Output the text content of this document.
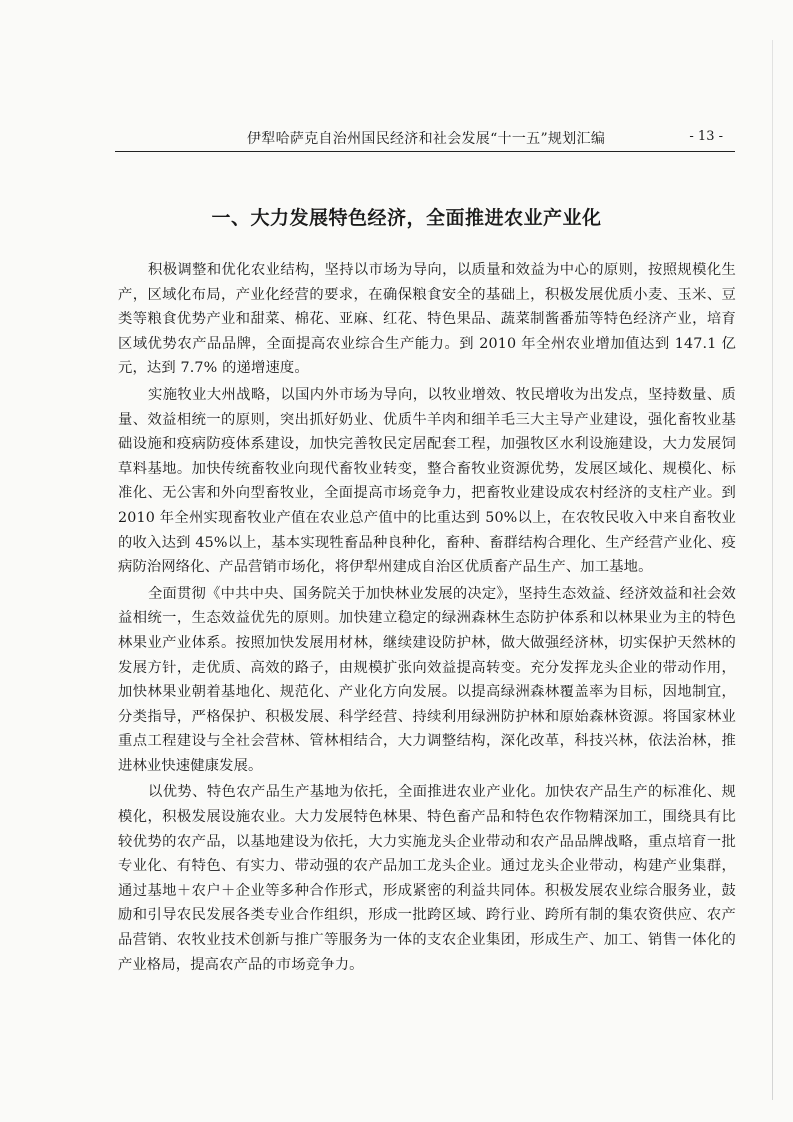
伊犁哈萨克自治州国民经济和社会发展“十一五”规划汇编	- 13 -
一、大力发展特色经济，全面推进农业产业化

积极调整和优化农业结构，坚持以市场为导向，以质量和效益为中心的原则，按照规模化生产，区域化布局，产业化经营的要求，在确保粮食安全的基础上，积极发展优质小麦、玉米、豆类等粮食优势产业和甜菜、棉花、亚麻、红花、特色果品、蔬菜制酱番茄等特色经济产业，培育区域优势农产品品牌，全面提高农业综合生产能力。到 2010 年全州农业增加值达到 147.1 亿元，达到 7.7% 的递增速度。

实施牧业大州战略，以国内外市场为导向，以牧业增效、牧民增收为出发点，坚持数量、质量、效益相统一的原则，突出抓好奶业、优质牛羊肉和细羊毛三大主导产业建设，强化畜牧业基础设施和疫病防疫体系建设，加快完善牧民定居配套工程，加强牧区水利设施建设，大力发展饲草料基地。加快传统畜牧业向现代畜牧业转变，整合畜牧业资源优势，发展区域化、规模化、标准化、无公害和外向型畜牧业，全面提高市场竞争力，把畜牧业建设成农村经济的支柱产业。到 2010 年全州实现畜牧业产值在农业总产值中的比重达到 50%以上，在农牧民收入中来自畜牧业的收入达到 45%以上，基本实现牲畜品种良种化，畜种、畜群结构合理化、生产经营产业化、疫病防治网络化、产品营销市场化，将伊犁州建成自治区优质畜产品生产、加工基地。

全面贯彻《中共中央、国务院关于加快林业发展的决定》，坚持生态效益、经济效益和社会效益相统一，生态效益优先的原则。加快建立稳定的绿洲森林生态防护体系和以林果业为主的特色林果业产业体系。按照加快发展用材林，继续建设防护林，做大做强经济林，切实保护天然林的发展方针，走优质、高效的路子，由规模扩张向效益提高转变。充分发挥龙头企业的带动作用，加快林果业朝着基地化、规范化、产业化方向发展。以提高绿洲森林覆盖率为目标，因地制宜，分类指导，严格保护、积极发展、科学经营、持续利用绿洲防护林和原始森林资源。将国家林业重点工程建设与全社会营林、管林相结合，大力调整结构，深化改革，科技兴林，依法治林，推进林业快速健康发展。

以优势、特色农产品生产基地为依托，全面推进农业产业化。加快农产品生产的标准化、规模化，积极发展设施农业。大力发展特色林果、特色畜产品和特色农作物精深加工，围绕具有比较优势的农产品，以基地建设为依托，大力实施龙头企业带动和农产品品牌战略，重点培育一批专业化、有特色、有实力、带动强的农产品加工龙头企业。通过龙头企业带动，构建产业集群，通过基地＋农户＋企业等多种合作形式，形成紧密的利益共同体。积极发展农业综合服务业，鼓励和引导农民发展各类专业合作组织，形成一批跨区域、跨行业、跨所有制的集农资供应、农产品营销、农牧业技术创新与推广等服务为一体的支农企业集团，形成生产、加工、销售一体化的产业格局，提高农产品的市场竞争力。
